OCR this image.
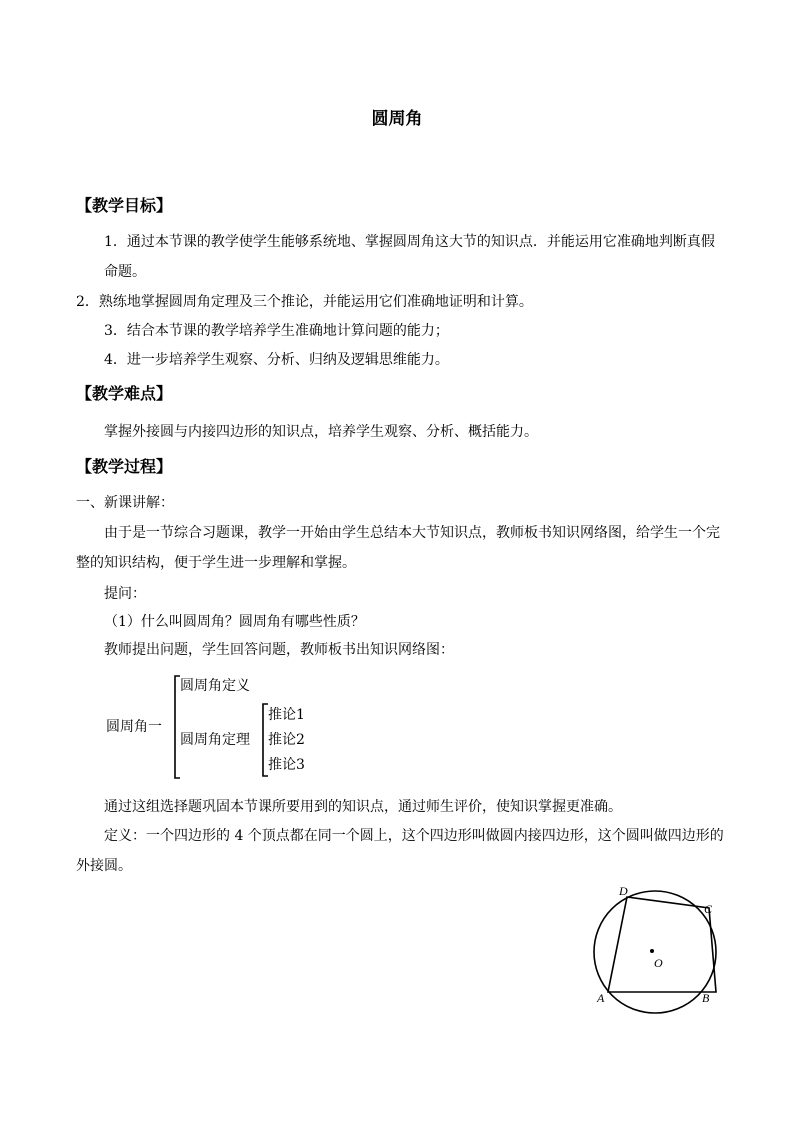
圆周角
【教学目标】
1．通过本节课的教学使学生能够系统地、掌握圆周角这大节的知识点．并能运用它准确地判断真假命题。
2．熟练地掌握圆周角定理及三个推论，并能运用它们准确地证明和计算。
3．结合本节课的教学培养学生准确地计算问题的能力；
4．进一步培养学生观察、分析、归纳及逻辑思维能力。
【教学难点】
掌握外接圆与内接四边形的知识点，培养学生观察、分析、概括能力。
【教学过程】
一、新课讲解：
由于是一节综合习题课，教学一开始由学生总结本大节知识点，教师板书知识网络图，给学生一个完整的知识结构，便于学生进一步理解和掌握。
提问：
（1）什么叫圆周角？圆周角有哪些性质？
教师提出问题，学生回答问题，教师板书出知识网络图：
圆周角一
圆周角定义
圆周角定理
推论1
推论2
推论3
通过这组选择题巩固本节课所要用到的知识点，通过师生评价，使知识掌握更准确。
定义：一个四边形的 4 个顶点都在同一个圆上，这个四边形叫做圆内接四边形，这个圆叫做四边形的外接圆。
D
C
O
A	B
